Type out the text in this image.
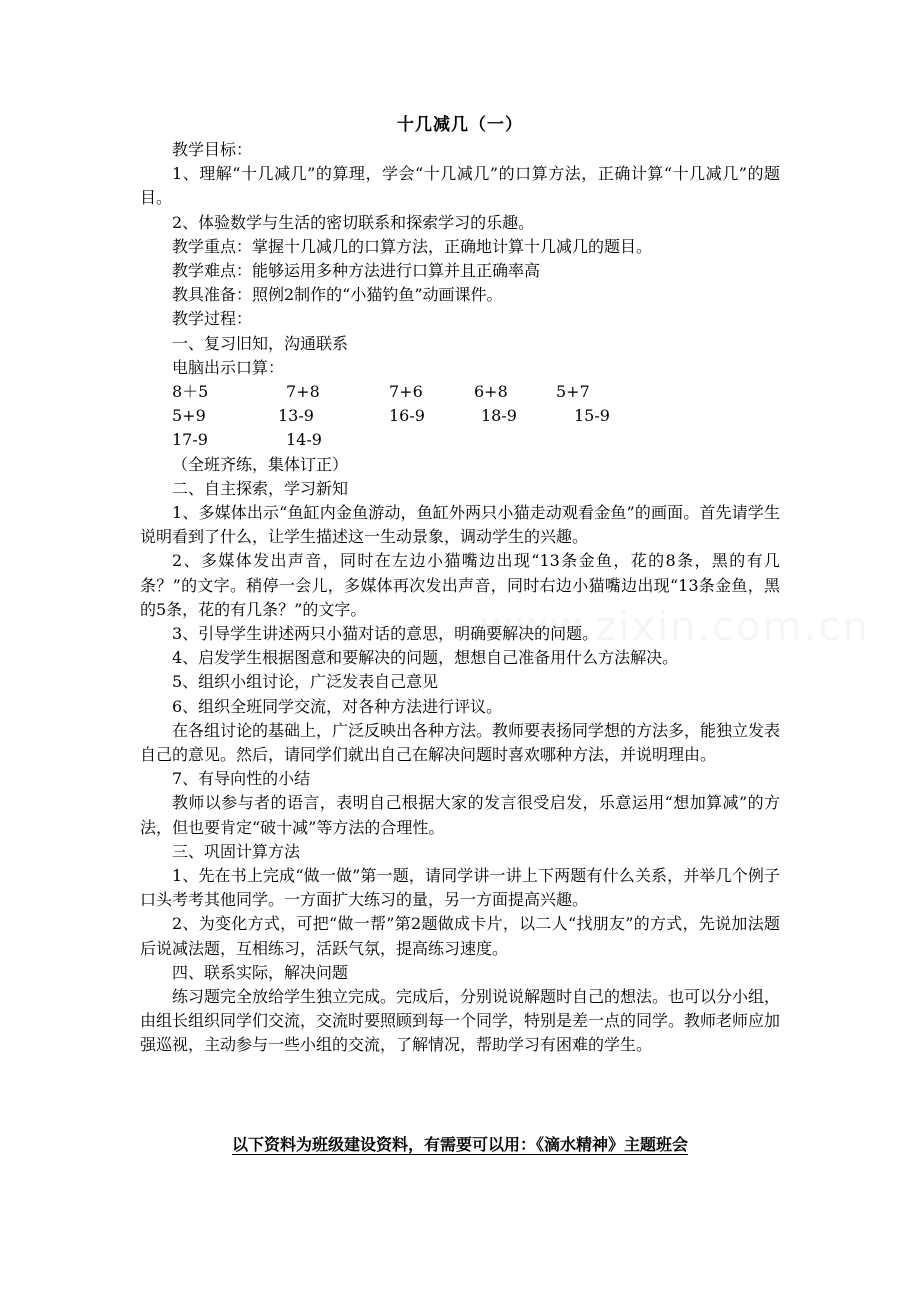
www.zixin.com.cn
十几减几（一）

教学目标：

1、理解“十几减几”的算理，学会“十几减几”的口算方法，正确计算“十几减几”的题目。

2、体验数学与生活的密切联系和探索学习的乐趣。

教学重点：掌握十几减几的口算方法，正确地计算十几减几的题目。

教学难点：能够运用多种方法进行口算并且正确率高

教具准备：照例2制作的“小猫钓鱼”动画课件。

教学过程：

一、复习旧知，沟通联系

电脑出示口算：

8＋5	7+8	7+6	6+8	5+7
5+9	13-9	16-9	18-9	15-9
17-9	14-9

（全班齐练，集体订正）

二、自主探索，学习新知

1、多媒体出示“鱼缸内金鱼游动，鱼缸外两只小猫走动观看金鱼”的画面。首先请学生说明看到了什么，让学生描述这一生动景象，调动学生的兴趣。

2、多媒体发出声音，同时在左边小猫嘴边出现“13条金鱼，花的8条，黑的有几条？”的文字。稍停一会儿，多媒体再次发出声音，同时右边小猫嘴边出现“13条金鱼，黑的5条，花的有几条？”的文字。

3、引导学生讲述两只小猫对话的意思，明确要解决的问题。

4、启发学生根据图意和要解决的问题，想想自己准备用什么方法解决。

5、组织小组讨论，广泛发表自己意见

6、组织全班同学交流，对各种方法进行评议。

在各组讨论的基础上，广泛反映出各种方法。教师要表扬同学想的方法多，能独立发表自己的意见。然后，请同学们就出自己在解决问题时喜欢哪种方法，并说明理由。

7、有导向性的小结

教师以参与者的语言，表明自己根据大家的发言很受启发，乐意运用“想加算减”的方法，但也要肯定“破十减”等方法的合理性。

三、巩固计算方法

1、先在书上完成“做一做”第一题，请同学讲一讲上下两题有什么关系，并举几个例子口头考考其他同学。一方面扩大练习的量，另一方面提高兴趣。

2、为变化方式，可把“做一帮”第2题做成卡片，以二人“找朋友”的方式，先说加法题后说减法题，互相练习，活跃气氛，提高练习速度。

四、联系实际，解决问题

练习题完全放给学生独立完成。完成后，分别说说解题时自己的想法。也可以分小组，由组长组织同学们交流，交流时要照顾到每一个同学，特别是差一点的同学。教师老师应加强巡视，主动参与一些小组的交流，了解情况，帮助学习有困难的学生。

以下资料为班级建设资料，有需要可以用：《滴水精神》主题班会
